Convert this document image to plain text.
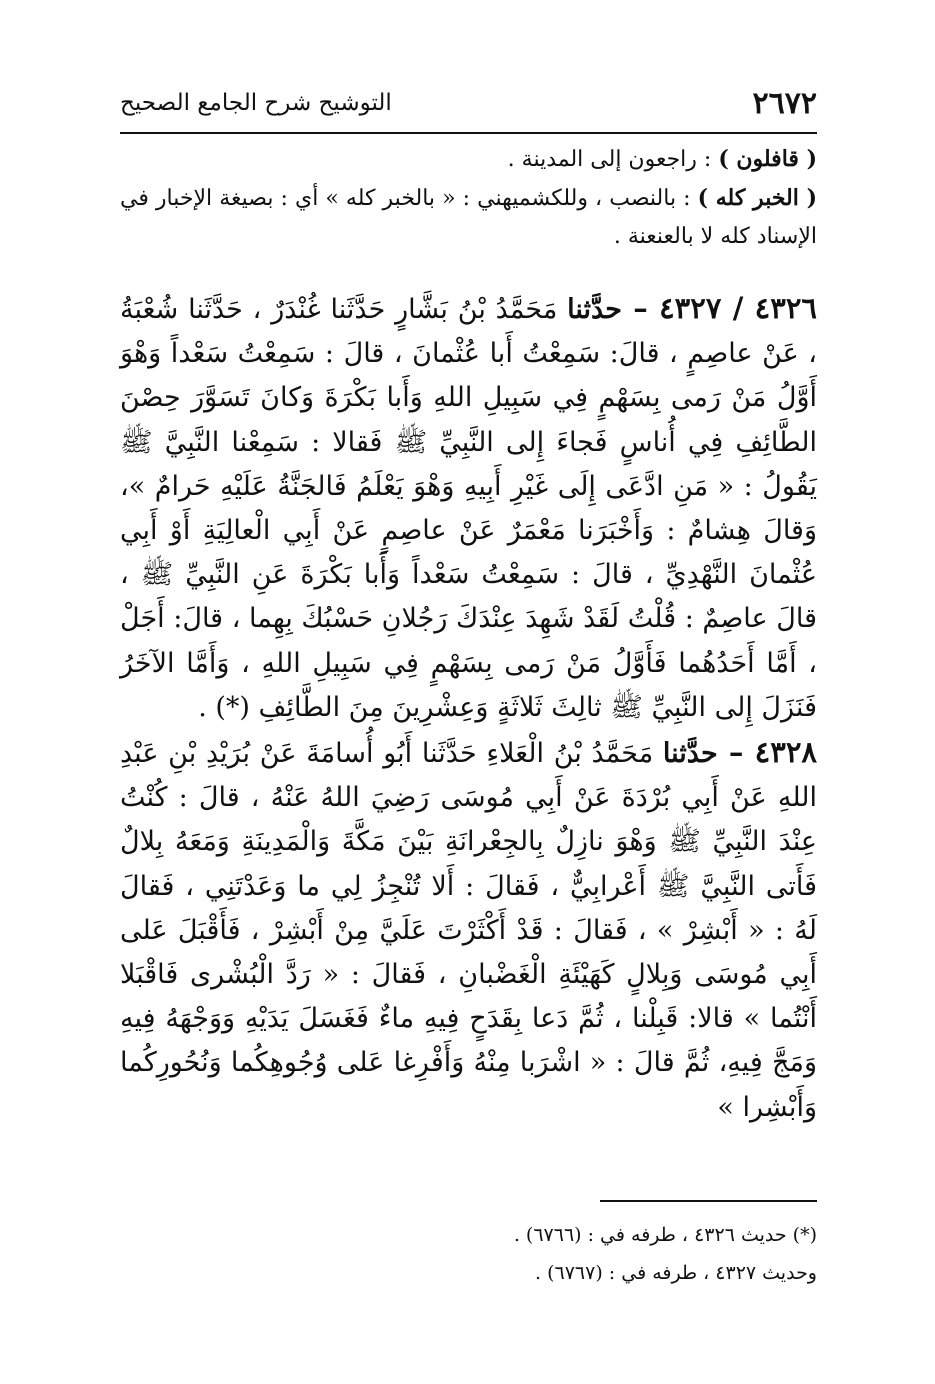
٢٦٧٢
التوشيح شرح الجامع الصحيح

( قافلون ) : راجعون إلى المدينة .

( الخبر كله ) : بالنصب ، وللكشميهني : « بالخبر كله » أي : بصيغة الإخبار في الإسناد كله لا بالعنعنة .

٤٣٢٦ / ٤٣٢٧ – حدَّثنا مَحَمَّدُ بْنُ بَشَّارٍ حَدَّثَنا غُنْدَرٌ ، حَدَّثَنا شُعْبَةُ ، عَنْ عاصِمٍ ، قالَ: سَمِعْتُ أَبا عُثْمانَ ، قالَ : سَمِعْتُ سَعْداً وَهْوَ أَوَّلُ مَنْ رَمى بِسَهْمٍ فِي سَبِيلِ اللهِ وَأَبا بَكْرَةَ وَكانَ تَسَوَّرَ حِصْنَ الطَّائِفِ فِي أُناسٍ فَجاءَ إِلى النَّبِيِّ ﷺ فَقالا : سَمِعْنا النَّبِيَّ ﷺ يَقُولُ : « مَنِ ادَّعَى إِلَى غَيْرِ أَبِيهِ وَهْوَ يَعْلَمُ فَالجَنَّةُ عَلَيْهِ حَرامٌ »، وَقالَ هِشامٌ : وَأَخْبَرَنا مَعْمَرٌ عَنْ عاصِمٍ عَنْ أَبِي الْعالِيَةِ أَوْ أَبِي عُثْمانَ النَّهْدِيِّ ، قالَ : سَمِعْتُ سَعْداً وَأَبا بَكْرَةَ عَنِ النَّبِيِّ ﷺ ، قالَ عاصِمٌ : قُلْتُ لَقَدْ شَهِدَ عِنْدَكَ رَجُلانِ حَسْبُكَ بِهِما ، قالَ: أَجَلْ ، أَمَّا أَحَدُهُما فَأَوَّلُ مَنْ رَمى بِسَهْمٍ فِي سَبِيلِ اللهِ ، وَأَمَّا الآخَرُ فَنَزَلَ إِلى النَّبِيِّ ﷺ ثالِثَ ثَلاثَةٍ وَعِشْرِينَ مِنَ الطَّائِفِ (*) .

٤٣٢٨ – حدَّثنا مَحَمَّدُ بْنُ الْعَلاءِ حَدَّثَنا أَبُو أُسامَةَ عَنْ بُرَيْدِ بْنِ عَبْدِ اللهِ عَنْ أَبِي بُرْدَةَ عَنْ أَبِي مُوسَى رَضِيَ اللهُ عَنْهُ ، قالَ : كُنْتُ عِنْدَ النَّبِيِّ ﷺ وَهْوَ نازِلٌ بِالجِعْرانَةِ بَيْنَ مَكَّةَ وَالْمَدِينَةِ وَمَعَهُ بِلالٌ فَأَتى النَّبِيَّ ﷺ أَعْرابِيٌّ ، فَقالَ : أَلا تُنْجِزُ لِي ما وَعَدْتَنِي ، فَقالَ لَهُ : « أَبْشِرْ » ، فَقالَ : قَدْ أَكْثَرْتَ عَلَيَّ مِنْ أَبْشِرْ ، فَأَقْبَلَ عَلى أَبِي مُوسَى وَبِلالٍ كَهَيْئَةِ الْغَضْبانِ ، فَقالَ : « رَدَّ الْبُشْرى فَاقْبَلا أَنْتُما » قالا: قَبِلْنا ، ثُمَّ دَعا بِقَدَحٍ فِيهِ ماءٌ فَغَسَلَ يَدَيْهِ وَوَجْهَهُ فِيهِ وَمَجَّ فِيهِ، ثُمَّ قالَ : « اشْرَبا مِنْهُ وَأَفْرِغا عَلى وُجُوهِكُما وَنُحُورِكُما وَأَبْشِرا »

(*) حديث ٤٣٢٦ ، طرفه في : (٦٧٦٦) .

وحديث ٤٣٢٧ ، طرفه في : (٦٧٦٧) .
